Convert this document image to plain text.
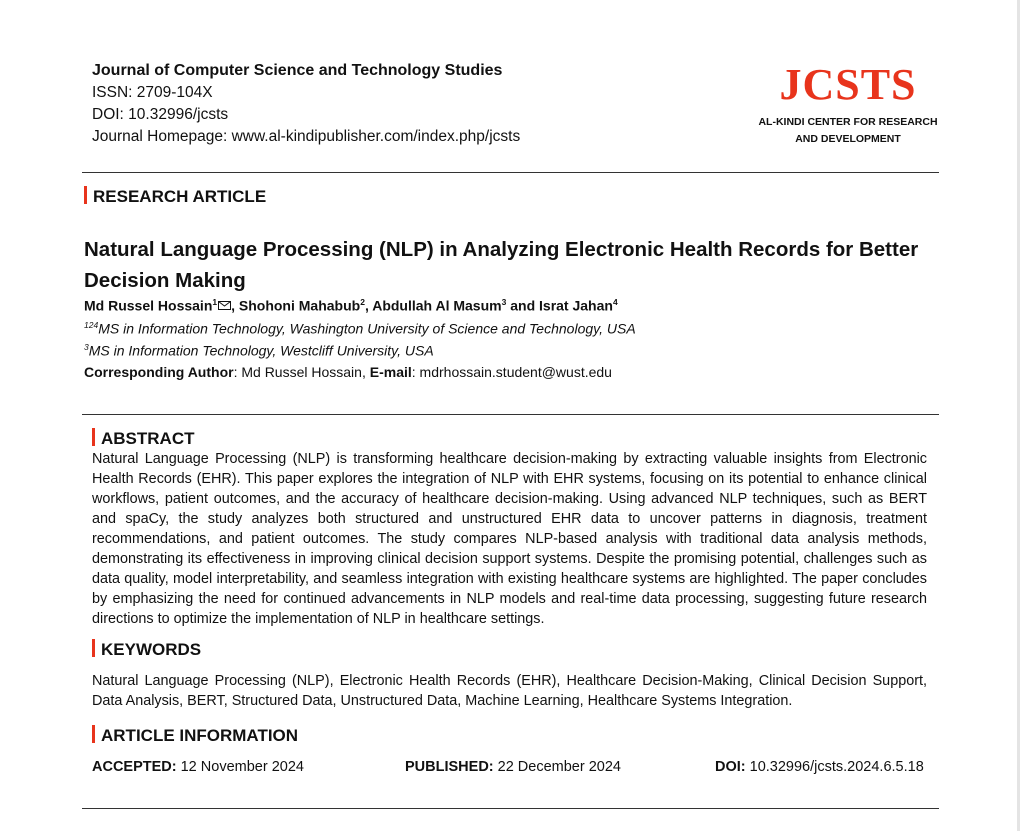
Journal of Computer Science and Technology Studies
ISSN: 2709-104X
DOI: 10.32996/jcsts
Journal Homepage: www.al-kindipublisher.com/index.php/jcsts
JCSTS
AL-KINDI CENTER FOR RESEARCH
AND DEVELOPMENT
RESEARCH ARTICLE
Natural Language Processing (NLP) in Analyzing Electronic Health Records for Better Decision Making
Md Russel Hossain$^1$ , Shohoni Mahabub$^2$, Abdullah Al Masum$^3$ and Israt Jahan$^4$
$^{124}$MS in Information Technology, Washington University of Science and Technology, USA
$^3$MS in Information Technology, Westcliff University, USA
Corresponding Author: Md Russel Hossain, E-mail: mdrhossain.student@wust.edu
ABSTRACT
Natural Language Processing (NLP) is transforming healthcare decision-making by extracting valuable insights from Electronic Health Records (EHR). This paper explores the integration of NLP with EHR systems, focusing on its potential to enhance clinical workflows, patient outcomes, and the accuracy of healthcare decision-making. Using advanced NLP techniques, such as BERT and spaCy, the study analyzes both structured and unstructured EHR data to uncover patterns in diagnosis, treatment recommendations, and patient outcomes. The study compares NLP-based analysis with traditional data analysis methods, demonstrating its effectiveness in improving clinical decision support systems. Despite the promising potential, challenges such as data quality, model interpretability, and seamless integration with existing healthcare systems are highlighted. The paper concludes by emphasizing the need for continued advancements in NLP models and real-time data processing, suggesting future research directions to optimize the implementation of NLP in healthcare settings.
KEYWORDS
Natural Language Processing (NLP), Electronic Health Records (EHR), Healthcare Decision-Making, Clinical Decision Support, Data Analysis, BERT, Structured Data, Unstructured Data, Machine Learning, Healthcare Systems Integration.
ARTICLE INFORMATION
ACCEPTED: 12 November 2024	PUBLISHED: 22 December 2024	DOI: 10.32996/jcsts.2024.6.5.18
